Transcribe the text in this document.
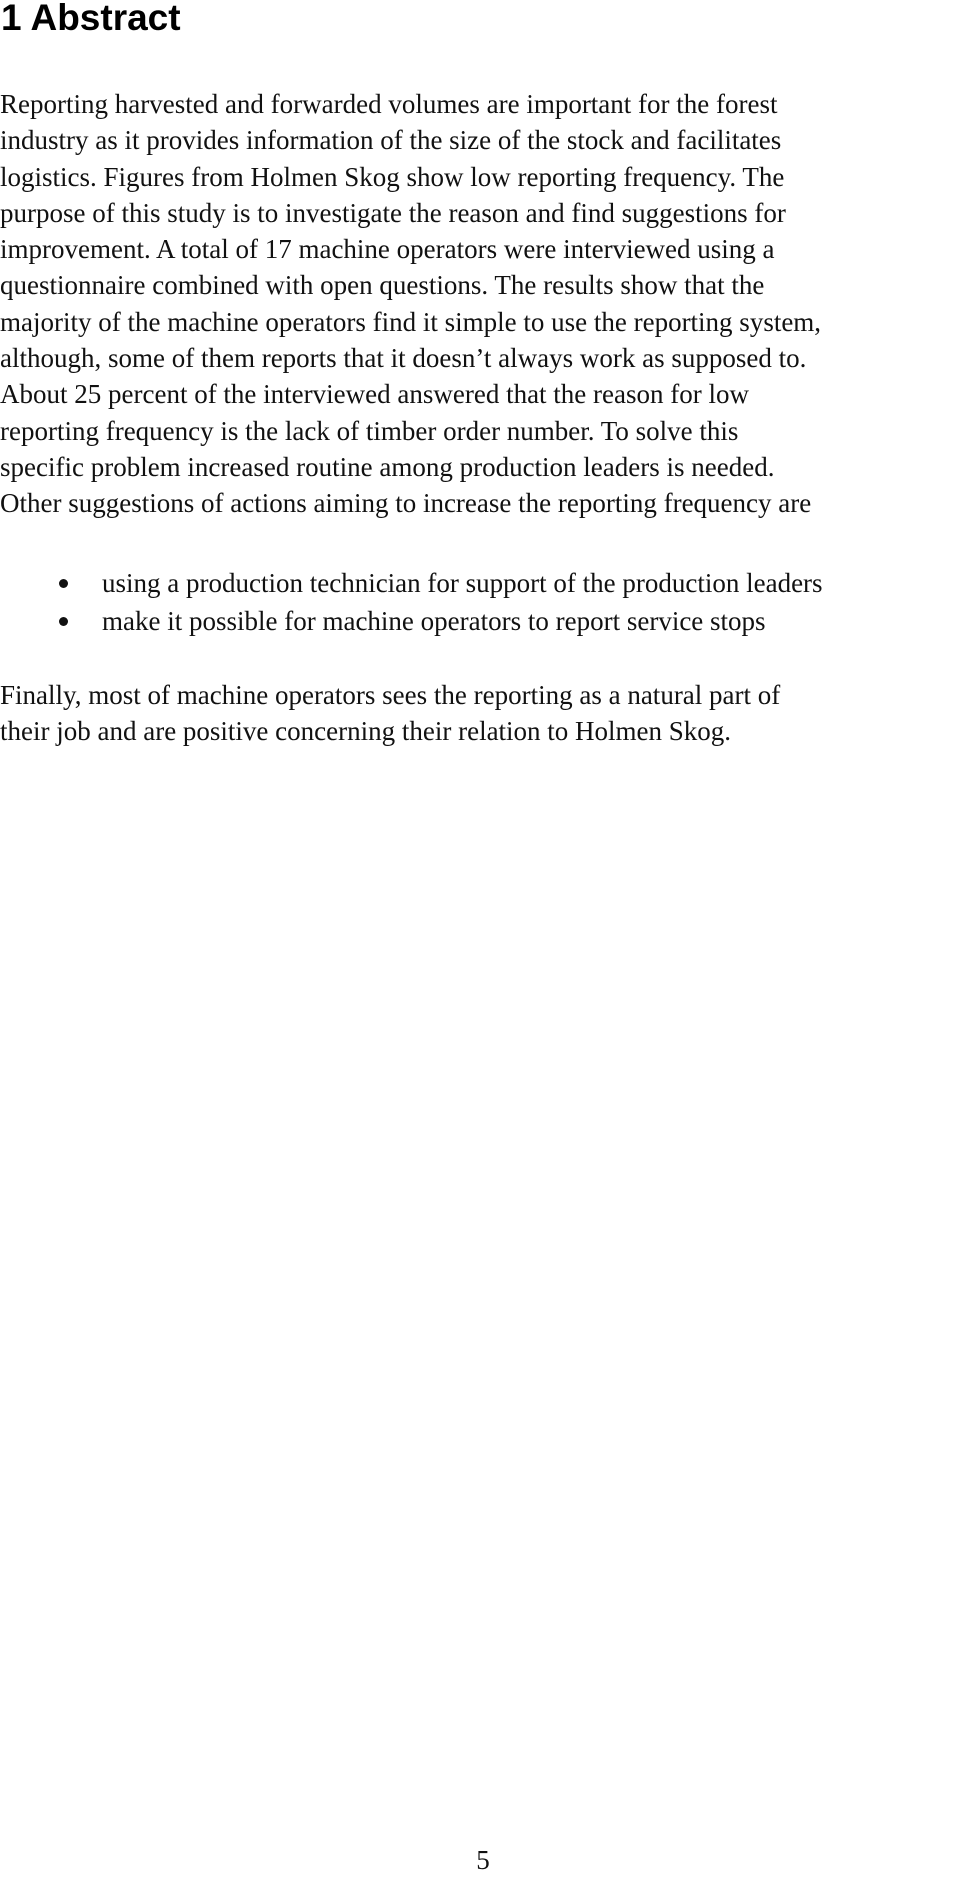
1 Abstract

Reporting harvested and forwarded volumes are important for the forest
industry as it provides information of the size of the stock and facilitates
logistics. Figures from Holmen Skog show low reporting frequency. The
purpose of this study is to investigate the reason and find suggestions for
improvement. A total of 17 machine operators were interviewed using a
questionnaire combined with open questions. The results show that the
majority of the machine operators find it simple to use the reporting system,
although, some of them reports that it doesn’t always work as supposed to.
About 25 percent of the interviewed answered that the reason for low
reporting frequency is the lack of timber order number. To solve this
specific problem increased routine among production leaders is needed.
Other suggestions of actions aiming to increase the reporting frequency are

using a production technician for support of the production leaders
make it possible for machine operators to report service stops

Finally, most of machine operators sees the reporting as a natural part of
their job and are positive concerning their relation to Holmen Skog.

5
